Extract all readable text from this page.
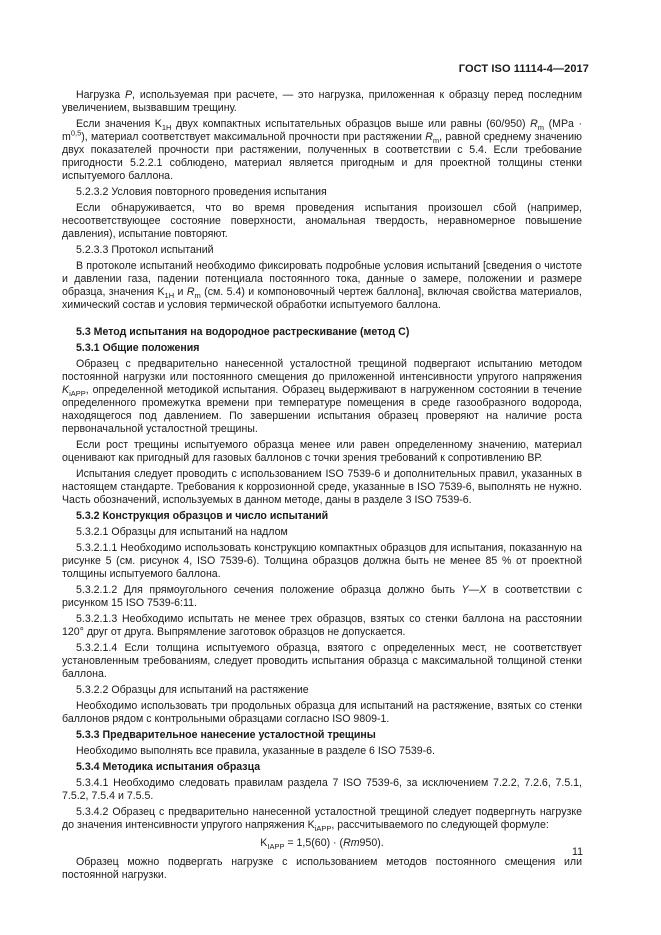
ГОСТ ISO 11114-4—2017
Нагрузка P, используемая при расчете, — это нагрузка, приложенная к образцу перед последним увеличением, вызвавшим трещину.
Если значения $K_{1H}$ двух компактных испытательных образцов выше или равны (60/950) $R_m$ $(MPa \cdot m^{0,5})$, материал соответствует максимальной прочности при растяжении $R_m$, равной среднему значению двух показателей прочности при растяжении, полученных в соответствии с 5.4. Если требование пригодности 5.2.2.1 соблюдено, материал является пригодным и для проектной толщины стенки испытуемого баллона.
5.2.3.2 Условия повторного проведения испытания
Если обнаруживается, что во время проведения испытания произошел сбой (например, несоответствующее состояние поверхности, аномальная твердость, неравномерное повышение давления), испытание повторяют.
5.2.3.3 Протокол испытаний
В протоколе испытаний необходимо фиксировать подробные условия испытаний [сведения о чистоте и давлении газа, падении потенциала постоянного тока, данные о замере, положении и размере образца, значения $K_{1H}$ и $R_m$ (см. 5.4) и компоновочный чертеж баллона], включая свойства материалов, химический состав и условия термической обработки испытуемого баллона.
5.3 Метод испытания на водородное растрескивание (метод С)
5.3.1 Общие положения
Образец с предварительно нанесенной усталостной трещиной подвергают испытанию методом постоянной нагрузки или постоянного смещения до приложенной интенсивности упругого напряжения $K_{iAPP}$, определенной методикой испытания. Образец выдерживают в нагруженном состоянии в течение определенного промежутка времени при температуре помещения в среде газообразного водорода, находящегося под давлением. По завершении испытания образец проверяют на наличие роста первоначальной усталостной трещины.
Если рост трещины испытуемого образца менее или равен определенному значению, материал оценивают как пригодный для газовых баллонов с точки зрения требований к сопротивлению ВР.
Испытания следует проводить с использованием ISO 7539-6 и дополнительных правил, указанных в настоящем стандарте. Требования к коррозионной среде, указанные в ISO 7539-6, выполнять не нужно. Часть обозначений, используемых в данном методе, даны в разделе 3 ISO 7539-6.
5.3.2 Конструкция образцов и число испытаний
5.3.2.1 Образцы для испытаний на надлом
5.3.2.1.1 Необходимо использовать конструкцию компактных образцов для испытания, показанную на рисунке 5 (см. рисунок 4, ISO 7539-6). Толщина образцов должна быть не менее 85 % от проектной толщины испытуемого баллона.
5.3.2.1.2 Для прямоугольного сечения положение образца должно быть Y—X в соответствии с рисунком 15 ISO 7539-6:11.
5.3.2.1.3 Необходимо испытать не менее трех образцов, взятых со стенки баллона на расстоянии 120° друг от друга. Выпрямление заготовок образцов не допускается.
5.3.2.1.4 Если толщина испытуемого образца, взятого с определенных мест, не соответствует установленным требованиям, следует проводить испытания образца с максимальной толщиной стенки баллона.
5.3.2.2 Образцы для испытаний на растяжение
Необходимо использовать три продольных образца для испытаний на растяжение, взятых со стенки баллонов рядом с контрольными образцами согласно ISO 9809-1.
5.3.3 Предварительное нанесение усталостной трещины
Необходимо выполнять все правила, указанные в разделе 6 ISO 7539-6.
5.3.4 Методика испытания образца
5.3.4.1 Необходимо следовать правилам раздела 7 ISO 7539-6, за исключением 7.2.2, 7.2.6, 7.5.1, 7.5.2, 7.5.4 и 7.5.5.
5.3.4.2 Образец с предварительно нанесенной усталостной трещиной следует подвергнуть нагрузке до значения интенсивности упругого напряжения $K_{iAPP}$, рассчитываемого по следующей формуле:
$K_{IAPP} = 1,5(60) \cdot (Rm950)$.
Образец можно подвергать нагрузке с использованием методов постоянного смещения или постоянной нагрузки.
11
